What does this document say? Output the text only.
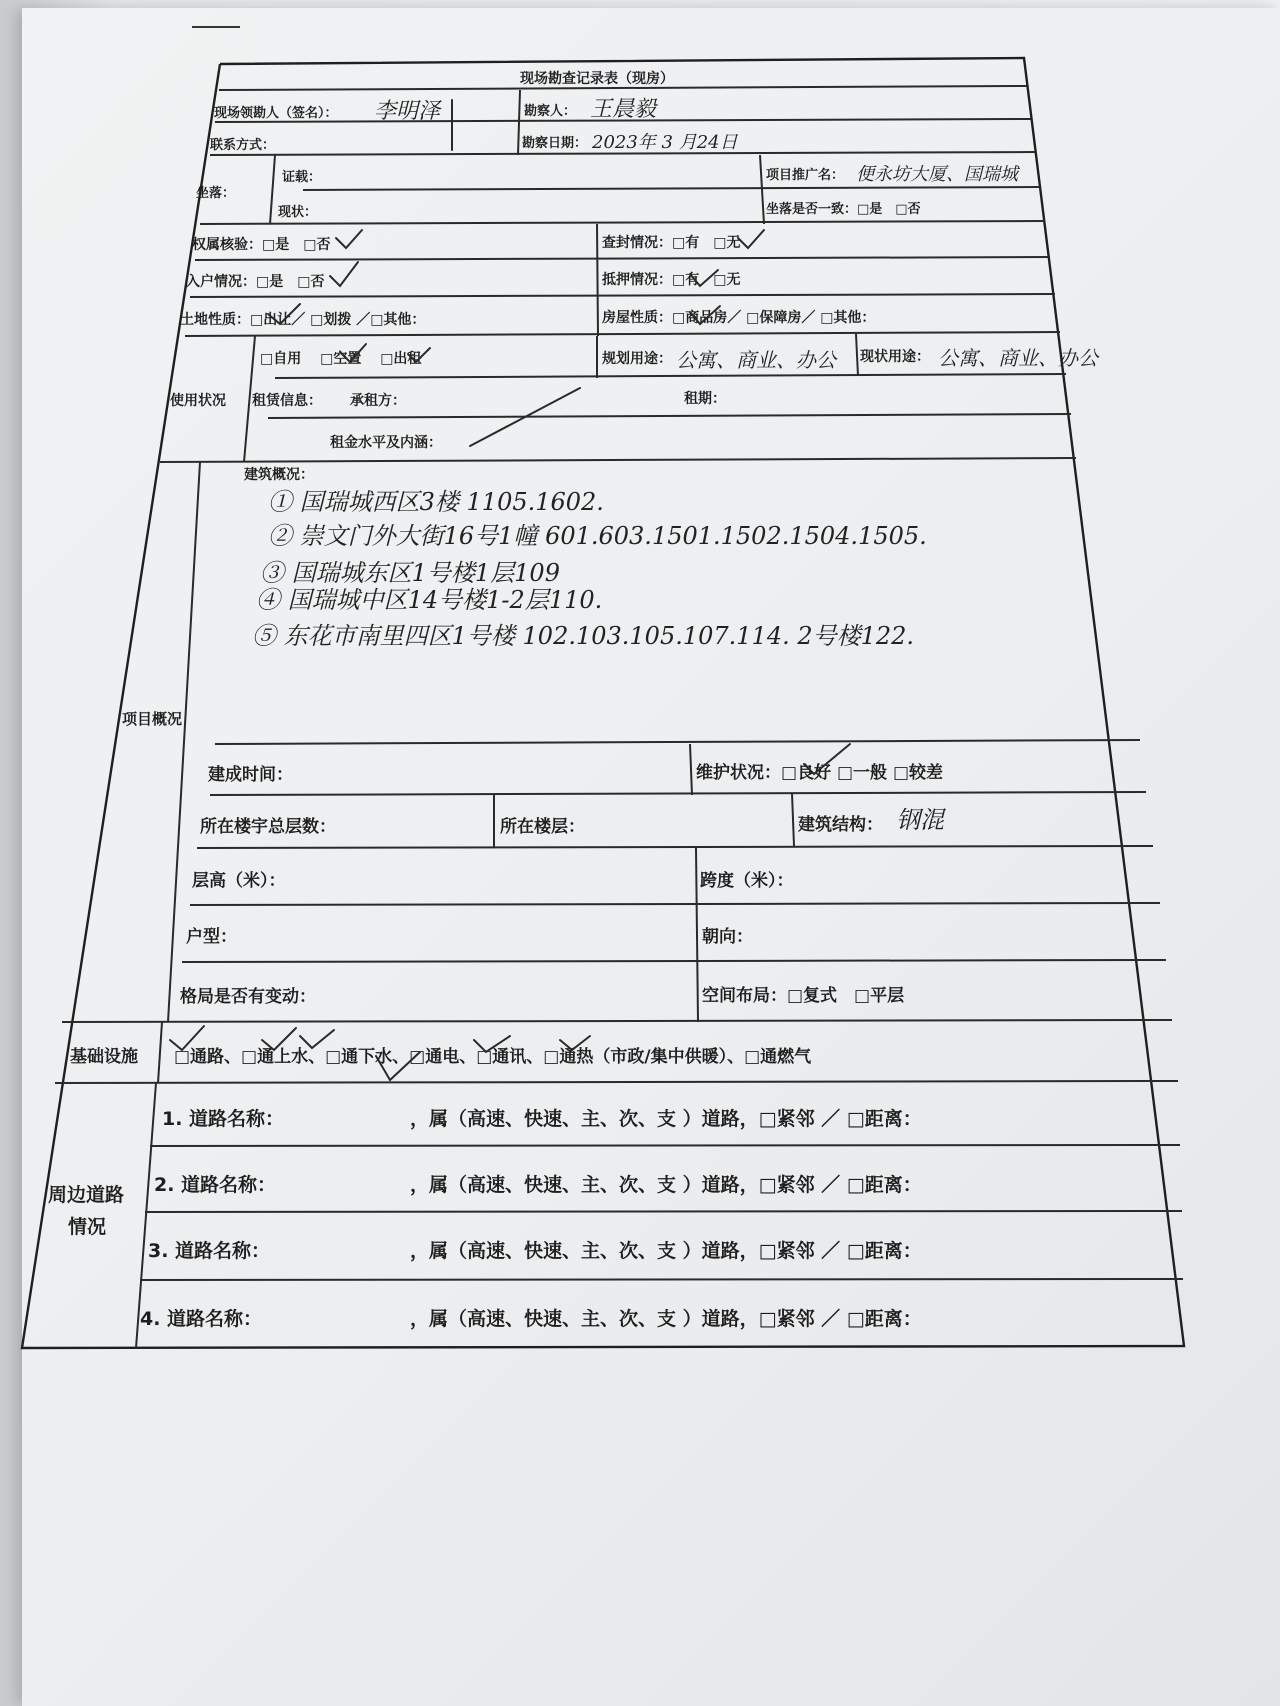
现场勘查记录表（现房）
现场领勘人（签名）： 李明泽	勘察人： 王晨毅
联系方式：	勘察日期： 2023年 3 月24日
坐落：
证载：
现状：
项目推广名： 便永坊大厦、国瑞城
坐落是否一致：□是　□否
权属核验：□是　□否	查封情况：□有　□无
入户情况：□是　□否	抵押情况：□有　□无
土地性质：□出让／ □划拨 ／□其他：	房屋性质：□商品房／ □保障房／ □其他：
使用状况
□自用　 □空置　 □出租	规划用途： 公寓、商业、办公 现状用途： 公寓、商业、办公
租赁信息： 承租方：	租期：
租金水平及内涵：
项目概况
建筑概况：
① 国瑞城西区3楼 1105.1602.
② 崇文门外大街16号1幢 601.603.1501.1502.1504.1505.
③ 国瑞城东区1号楼1层109
④ 国瑞城中区14号楼1-2层110.
⑤ 东花市南里四区1号楼 102.103.105.107.114. 2号楼122.
建成时间：	维护状况：□良好 □一般 □较差
所在楼宇总层数：	所在楼层：	建筑结构： 钢混
层高（米）：	跨度（米）：
户型：	朝向：
格局是否有变动：	空间布局：□复式　□平层
基础设施 □通路、□通上水、□通下水、□通电、□通讯、□通热（市政/集中供暖）、□通燃气
周边道路
情况
1. 道路名称：	，属（高速、快速、主、次、支 ）道路，□紧邻 ／ □距离：
2. 道路名称：	，属（高速、快速、主、次、支 ）道路，□紧邻 ／ □距离：
3. 道路名称：	，属（高速、快速、主、次、支 ）道路，□紧邻 ／ □距离：
4. 道路名称：	，属（高速、快速、主、次、支 ）道路，□紧邻 ／ □距离：
